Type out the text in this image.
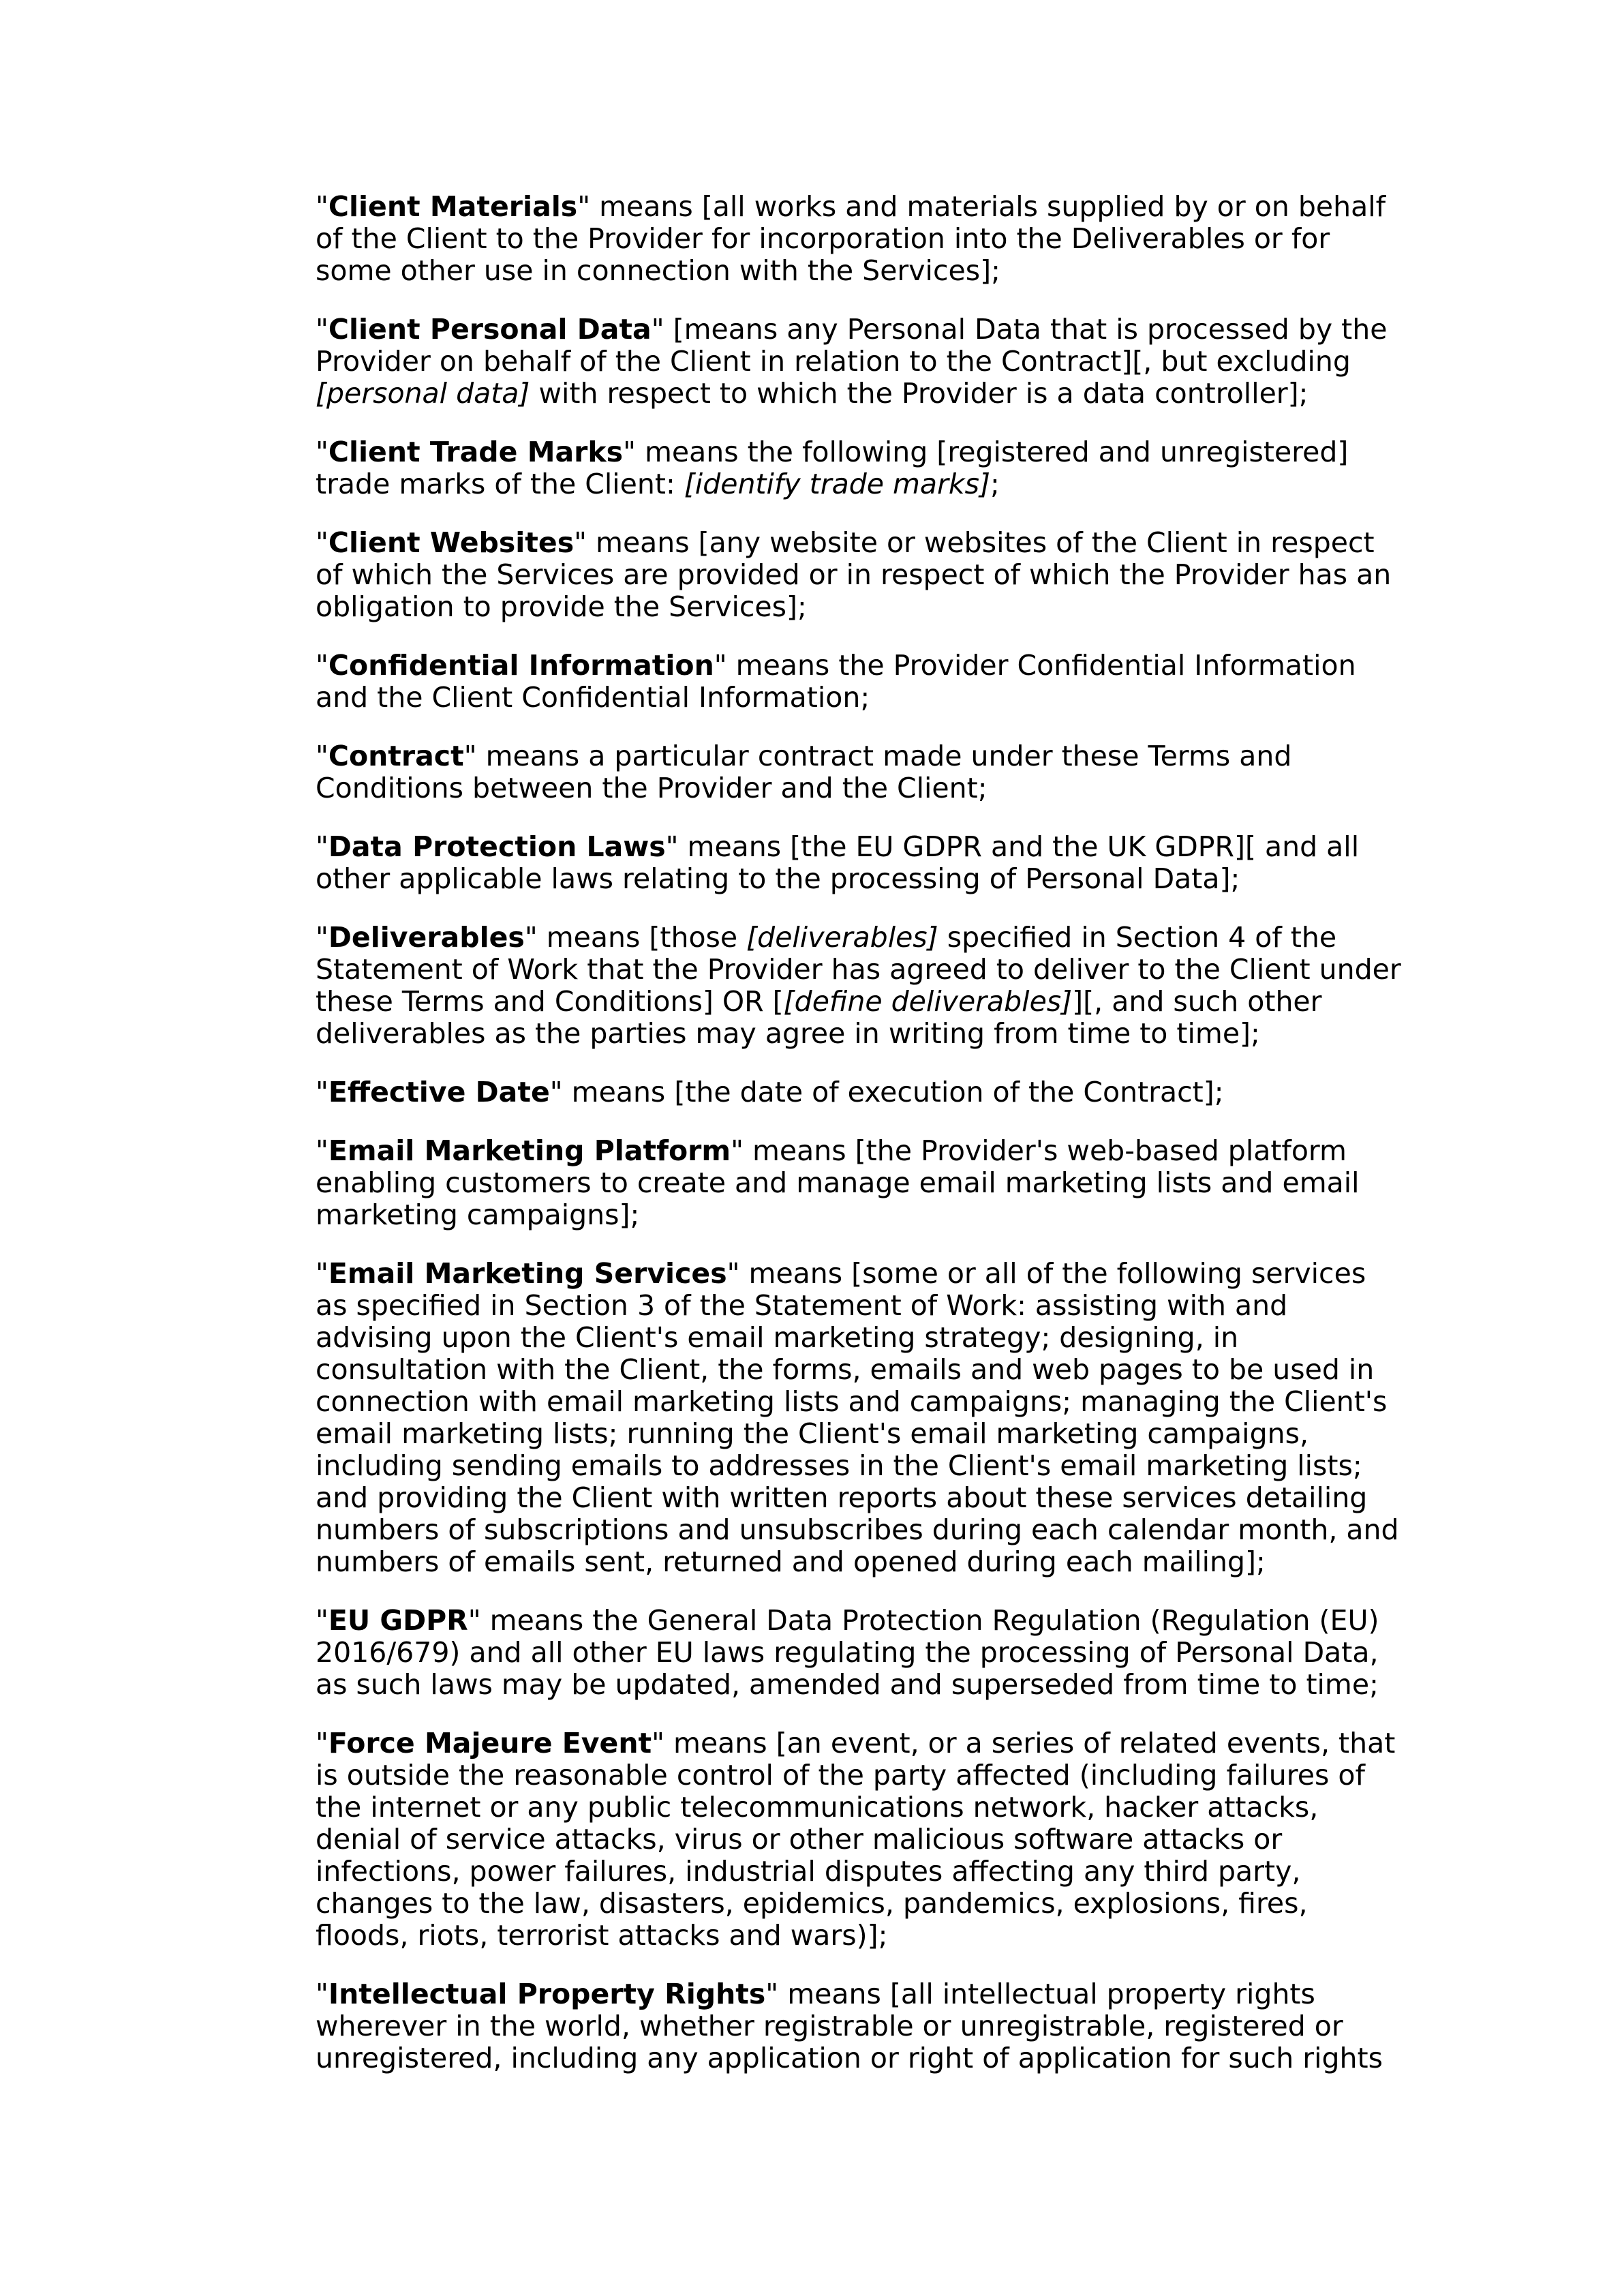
"Client Materials" means [all works and materials supplied by or on behalf of the Client to the Provider for incorporation into the Deliverables or for some other use in connection with the Services];

"Client Personal Data" [means any Personal Data that is processed by the Provider on behalf of the Client in relation to the Contract][, but excluding [personal data] with respect to which the Provider is a data controller];

"Client Trade Marks" means the following [registered and unregistered] trade marks of the Client: [identify trade marks];

"Client Websites" means [any website or websites of the Client in respect of which the Services are provided or in respect of which the Provider has an obligation to provide the Services];

"Confidential Information" means the Provider Confidential Information and the Client Confidential Information;

"Contract" means a particular contract made under these Terms and Conditions between the Provider and the Client;

"Data Protection Laws" means [the EU GDPR and the UK GDPR][ and all other applicable laws relating to the processing of Personal Data];

"Deliverables" means [those [deliverables] specified in Section 4 of the Statement of Work that the Provider has agreed to deliver to the Client under these Terms and Conditions] OR [[define deliverables]][, and such other deliverables as the parties may agree in writing from time to time];

"Effective Date" means [the date of execution of the Contract];

"Email Marketing Platform" means [the Provider's web-based platform enabling customers to create and manage email marketing lists and email marketing campaigns];

"Email Marketing Services" means [some or all of the following services as specified in Section 3 of the Statement of Work: assisting with and advising upon the Client's email marketing strategy; designing, in consultation with the Client, the forms, emails and web pages to be used in connection with email marketing lists and campaigns; managing the Client's email marketing lists; running the Client's email marketing campaigns, including sending emails to addresses in the Client's email marketing lists; and providing the Client with written reports about these services detailing numbers of subscriptions and unsubscribes during each calendar month, and numbers of emails sent, returned and opened during each mailing];

"EU GDPR" means the General Data Protection Regulation (Regulation (EU) 2016/679) and all other EU laws regulating the processing of Personal Data, as such laws may be updated, amended and superseded from time to time;

"Force Majeure Event" means [an event, or a series of related events, that is outside the reasonable control of the party affected (including failures of the internet or any public telecommunications network, hacker attacks, denial of service attacks, virus or other malicious software attacks or infections, power failures, industrial disputes affecting any third party, changes to the law, disasters, epidemics, pandemics, explosions, fires, floods, riots, terrorist attacks and wars)];

"Intellectual Property Rights" means [all intellectual property rights wherever in the world, whether registrable or unregistrable, registered or unregistered, including any application or right of application for such rights
